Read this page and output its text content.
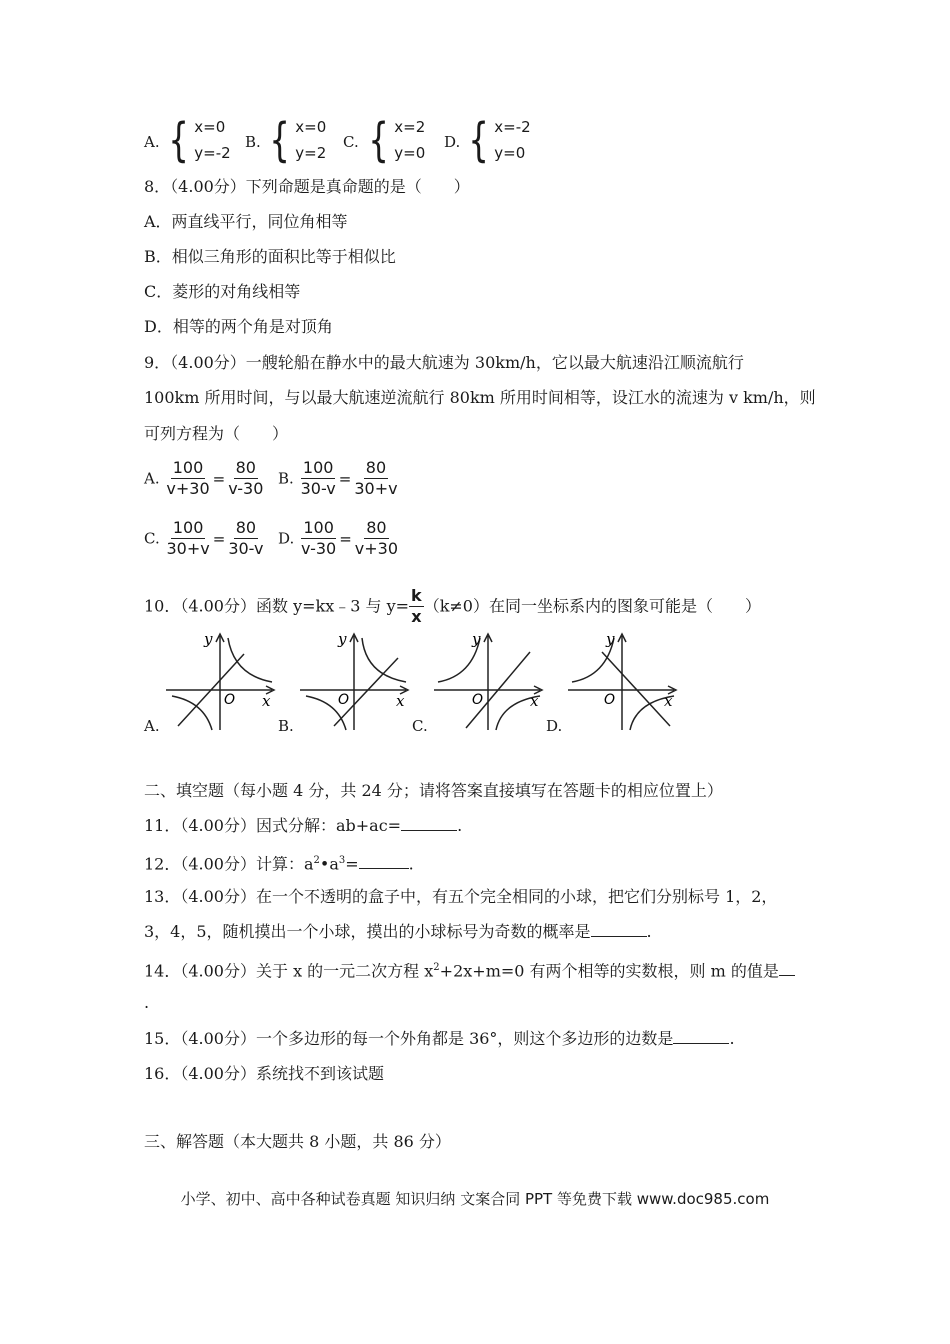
A. { x=0
y=-2
B. { x=0
y=2
C. { x=2
y=0
D. { x=-2
y=0
8．（4.00分）下列命题是真命题的是（　　）
A．两直线平行，同位角相等
B．相似三角形的面积比等于相似比
C．菱形的对角线相等
D．相等的两个角是对顶角
9．（4.00分）一艘轮船在静水中的最大航速为 30km/h，它以最大航速沿江顺流航行
100km 所用时间，与以最大航速逆流航行 80km 所用时间相等，设江水的流速为 v km/h，则
可列方程为（　　）
A. $\frac{100}{v+30} = \frac{80}{v-30} B$. $\frac{100}{30-v} = \frac{80}{30+v}$
C. $\frac{100}{30+v} = \frac{80}{30-v} D$. $\frac{100}{v-30} = \frac{80}{v+30}$
10．（4.00分）函数 y=kx﹣3 与 $y= \frac{k}{x} (k\ne 0)$在同一坐标系内的图象可能是（　　）
y
x
O
A.
y
x
O
B.
y
x
O
C.
y
x
O
D.
二、填空题（每小题 4 分，共 24 分；请将答案直接填写在答题卡的相应位置上）
11．（4.00分）因式分解：ab+ac=	.
12．（4.00分）计算：$a^2•a^3=$	.
13．（4.00分）在一个不透明的盒子中，有五个完全相同的小球，把它们分别标号 1，2，
3，4，5，随机摸出一个小球，摸出的小球标号为奇数的概率是	.
14．（4.00分）关于 x 的一元二次方程 $x^2+2x+m=0$ 有两个相等的实数根，则 m 的值是
.
15．（4.00分）一个多边形的每一个外角都是 36°，则这个多边形的边数是	.
16．（4.00分）系统找不到该试题
三、解答题（本大题共 8 小题，共 86 分）
小学、初中、高中各种试卷真题 知识归纳 文案合同 PPT 等免费下载 www.doc985.com
